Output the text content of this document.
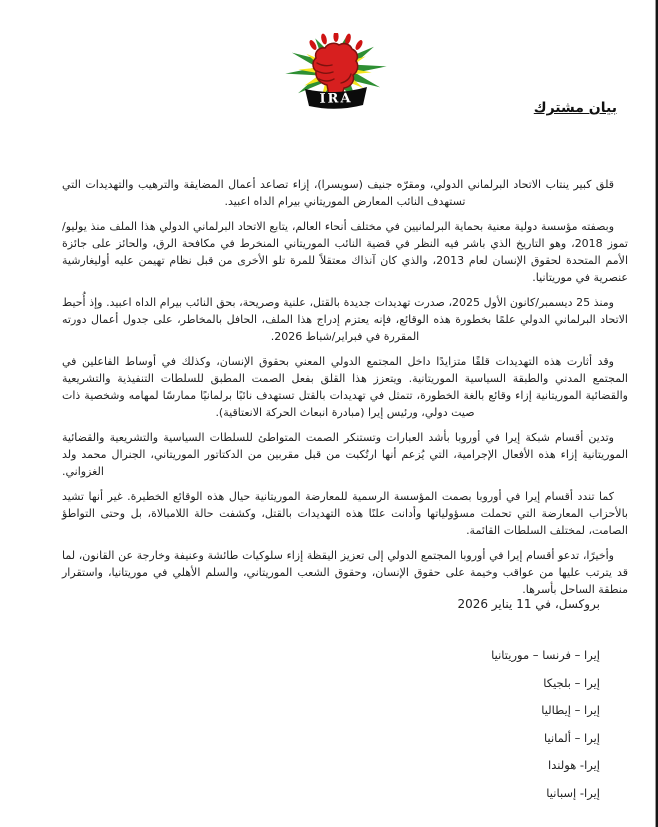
IRA
بيان مشترك

قلق كبير ينتاب الاتحاد البرلماني الدولي، ومقرّه جنيف (سويسرا)، إزاء تصاعد أعمال المضايقة والترهيب والتهديدات التي تستهدف النائب المعارض الموريتاني بيرام الداه اعبيد.

وبصفته مؤسسة دولية معنية بحماية البرلمانيين في مختلف أنحاء العالم، يتابع الاتحاد البرلماني الدولي هذا الملف منذ يوليو/تموز 2018، وهو التاريخ الذي باشر فيه النظر في قضية النائب الموريتاني المنخرط في مكافحة الرق، والحائز على جائزة الأمم المتحدة لحقوق الإنسان لعام 2013، والذي كان آنذاك معتقلاً للمرة تلو الأخرى من قبل نظام تهيمن عليه أوليغارشية عنصرية في موريتانيا.

ومنذ 25 ديسمبر/كانون الأول 2025، صدرت تهديدات جديدة بالقتل، علنية وصريحة، بحق النائب بيرام الداه اعبيد. وإذ أُحيط الاتحاد البرلماني الدولي علمًا بخطورة هذه الوقائع، فإنه يعتزم إدراج هذا الملف، الحافل بالمخاطر، على جدول أعمال دورته المقررة في فبراير/شباط 2026.

وقد أثارت هذه التهديدات قلقًا متزايدًا داخل المجتمع الدولي المعني بحقوق الإنسان، وكذلك في أوساط الفاعلين في المجتمع المدني والطبقة السياسية الموريتانية. ويتعزز هذا القلق بفعل الصمت المطبق للسلطات التنفيذية والتشريعية والقضائية الموريتانية إزاء وقائع بالغة الخطورة، تتمثل في تهديدات بالقتل تستهدف نائبًا برلمانيًا ممارسًا لمهامه وشخصية ذات صيت دولي، ورئيس إيرا (مبادرة انبعاث الحركة الانعتاقية).

وتدين أقسام شبكة إيرا في أوروبا بأشد العبارات وتستنكر الصمت المتواطئ للسلطات السياسية والتشريعية والقضائية الموريتانية إزاء هذه الأفعال الإجرامية، التي يُزعم أنها ارتُكبت من قبل مقربين من الدكتاتور الموريتاني، الجنرال محمد ولد الغزواني.

كما تندد أقسام إيرا في أوروبا بصمت المؤسسة الرسمية للمعارضة الموريتانية حيال هذه الوقائع الخطيرة. غير أنها تشيد بالأحزاب المعارضة التي تحملت مسؤولياتها وأدانت علنًا هذه التهديدات بالقتل، وكشفت حالة اللامبالاة، بل وحتى التواطؤ الصامت، لمختلف السلطات القائمة.

وأخيرًا، تدعو أقسام إيرا في أوروبا المجتمع الدولي إلى تعزيز اليقظة إزاء سلوكيات طائشة وعنيفة وخارجة عن القانون، لما قد يترتب عليها من عواقب وخيمة على حقوق الإنسان، وحقوق الشعب الموريتاني، والسلم الأهلي في موريتانيا، واستقرار منطقة الساحل بأسرها.

بروكسل، في 11 يناير 2026
إيرا – فرنسا – موريتانيا
إيرا – بلجيكا
إيرا – إيطاليا
إيرا – ألمانيا
إيرا- هولندا
إيرا- إسبانيا
